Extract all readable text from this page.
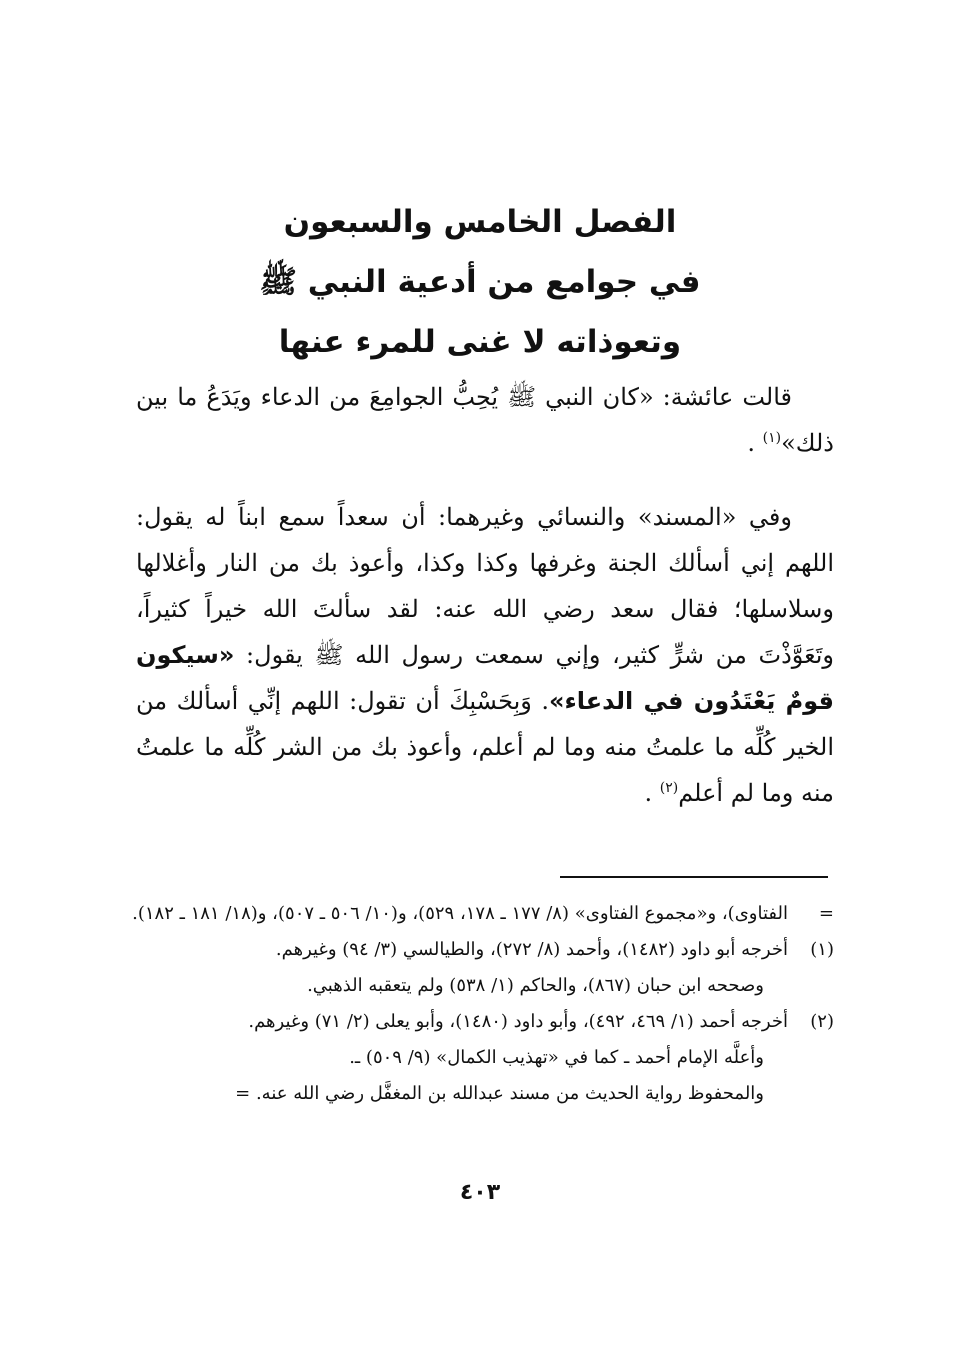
الفصل الخامس والسبعون
في جوامع من أدعية النبي ﷺ
وتعوذاته لا غنى للمرء عنها

قالت عائشة: «كان النبي ﷺ يُحِبُّ الجوامِعَ من الدعاء ويَدَعُ ما بين ذلك»$^{(١)}$ .

وفي «المسند» والنسائي وغيرهما: أن سعداً سمع ابناً له يقول: اللهم إني أسألك الجنة وغرفها وكذا وكذا، وأعوذ بك من النار وأغلالها وسلاسلها؛ فقال سعد رضي الله عنه: لقد سألتَ الله خيراً كثيراً، وتَعَوَّذْتَ من شرٍّ كثير، وإني سمعت رسول الله ﷺ يقول: «سيكون قومٌ يَعْتَدُون في الدعاء». وَبِحَسْبِكَ أن تقول: اللهم إنِّي أسألك من الخير كُلِّه ما علمتُ منه وما لم أعلم، وأعوذ بك من الشر كُلِّه ما علمتُ منه وما لم أعلم$^{(٢)}$ .

=
الفتاوى)، و«مجموع الفتاوى» (٨/ ١٧٧ ـ ١٧٨، ٥٢٩)، و(١٠/ ٥٠٦ ـ ٥٠٧)، و(١٨/ ١٨١ ـ ١٨٢).
(١)
أخرجه أبو داود (١٤٨٢)، وأحمد (٨/ ٢٧٢)، والطيالسي (٣/ ٩٤) وغيرهم.
وصححه ابن حبان (٨٦٧)، والحاكم (١/ ٥٣٨) ولم يتعقبه الذهبي.
(٢)
أخرجه أحمد (١/ ٤٦٩، ٤٩٢)، وأبو داود (١٤٨٠)، وأبو يعلى (٢/ ٧١) وغيرهم.
وأعلَّه الإمام أحمد ـ كما في «تهذيب الكمال» (٩/ ٥٠٩) ـ.
والمحفوظ رواية الحديث من مسند عبدالله بن المغفَّل رضي الله عنه. =
٤٠٣
